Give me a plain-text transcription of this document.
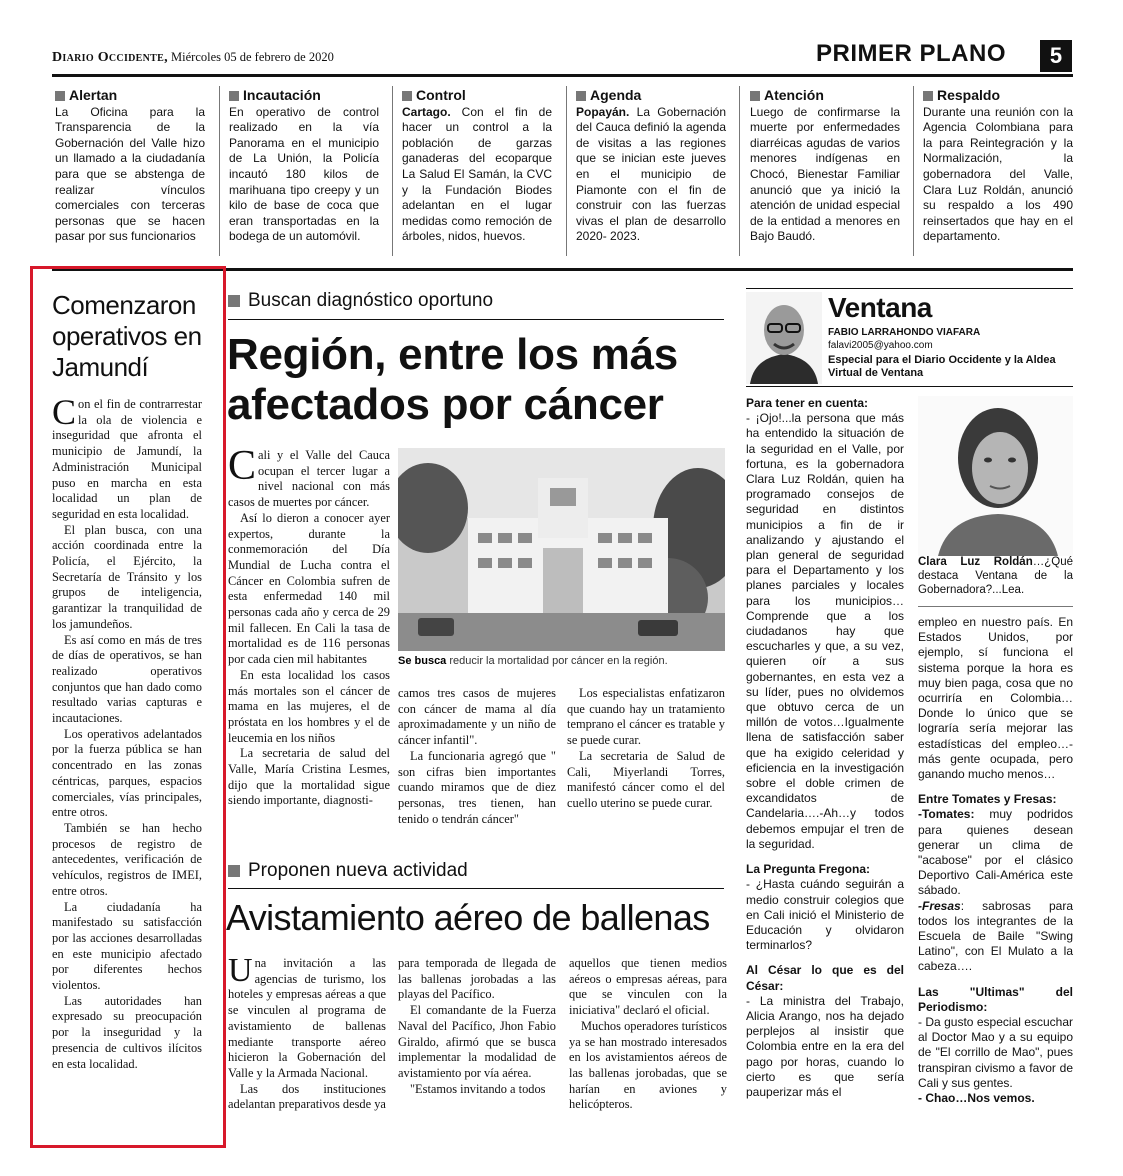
Diario Occidente, Miércoles 05 de febrero de 2020	PRIMER PLANO	5
Alertan
La Oficina para la Transparencia de la Gobernación del Valle hizo un llamado a la ciudadanía para que se abstenga de realizar vínculos comerciales con terceras personas que se hacen pasar por sus funcionarios
Incautación
En operativo de control realizado en la vía Panorama en el municipio de La Unión, la Policía incautó 180 kilos de marihuana tipo creepy y un kilo de base de coca que eran transportadas en la bodega de un automóvil.
Control
Cartago. Con el fin de hacer un control a la población de garzas ganaderas del ecoparque La Salud El Samán, la CVC y la Fundación Biodes adelantan en el lugar medidas como remoción de árboles, nidos, huevos.
Agenda
Popayán. La Gobernación del Cauca definió la agenda de visitas a las regiones que se inician este jueves en el municipio de Piamonte con el fin de construir con las fuerzas vivas el plan de desarrollo 2020- 2023.
Atención
Luego de confirmarse la muerte por enfermedades diarréicas agudas de varios menores indígenas en Chocó, Bienestar Familiar anunció que ya inició la atención de unidad especial de la entidad a menores en Bajo Baudó.
Respaldo
Durante una reunión con la Agencia Colombiana para la para Reintegración y la Normalización, la gobernadora del Valle, Clara Luz Roldán, anunció su respaldo a los 490 reinsertados que hay en el departamento.
Comenzaron operativos en Jamundí

Con el fin de contrarrestar la ola de violencia e inseguridad que afronta el municipio de Jamundí, la Administración Municipal puso en marcha en esta localidad un plan de seguridad en esta localidad.

El plan busca, con una acción coordinada entre la Policía, el Ejército, la Secretaría de Tránsito y los grupos de inteligencia, garantizar la tranquilidad de los jamundeños.

Es así como en más de tres de días de operativos, se han realizado operativos conjuntos que han dado como resultado varias capturas e incautaciones.

Los operativos adelantados por la fuerza pública se han concentrado en las zonas céntricas, parques, espacios comerciales, vías principales, entre otros.

También se han hecho procesos de registro de antecedentes, verificación de vehículos, registros de IMEI, entre otros.

La ciudadanía ha manifestado su satisfacción por las acciones desarrolladas en este municipio afectado por diferentes hechos violentos.

Las autoridades han expresado su preocupación por la inseguridad y la presencia de cultivos ilícitos en esta localidad.

Buscan diagnóstico oportuno
Región, entre los más afectados por cáncer

Cali y el Valle del Cauca ocupan el tercer lugar a nivel nacional con más casos de muertes por cáncer.

Así lo dieron a conocer ayer expertos, durante la conmemoración del Día Mundial de Lucha contra el Cáncer en Colombia sufren de esta enfermedad 140 mil personas cada año y cerca de 29 mil fallecen. En Cali la tasa de mortalidad es de 116 personas por cada cien mil habitantes

En esta localidad los casos más mortales son el cáncer de mama en las mujeres, el de próstata en los hombres y el de leucemia en los niños

La secretaria de salud del Valle, María Cristina Lesmes, dijo que la mortalidad sigue siendo importante, diagnosti-

Se busca reducir la mortalidad por cáncer en la región.

camos tres casos de mujeres con cáncer de mama al día aproximadamente y un niño de cáncer infantil".

La funcionaria agregó que " son cifras bien importantes cuando miramos que de diez personas, tres tienen, han tenido o tendrán cáncer"

Los especialistas enfatizaron que cuando hay un tratamiento temprano el cáncer es tratable y se puede curar.

La secretaria de Salud de Cali, Miyerlandi Torres, manifestó cáncer como el del cuello uterino se puede curar.

Proponen nueva actividad
Avistamiento aéreo de ballenas

Una invitación a las agencias de turismo, los hoteles y empresas aéreas a que se vinculen al programa de avistamiento de ballenas mediante transporte aéreo hicieron la Gobernación del Valle y la Armada Nacional.

Las dos instituciones adelantan preparativos desde ya

para temporada de llegada de las ballenas jorobadas a las playas del Pacífico.

El comandante de la Fuerza Naval del Pacífico, Jhon Fabio Giraldo, afirmó que se busca implementar la modalidad de avistamiento por vía aérea.

"Estamos invitando a todos

aquellos que tienen medios aéreos o empresas aéreas, para que se vinculen con la iniciativa" declaró el oficial.

Muchos operadores turísticos ya se han mostrado interesados en los avistamientos aéreos de las ballenas jorobadas, que se harían en aviones y helicópteros.

Ventana
FABIO LARRAHONDO VIAFARA
falavi2005@yahoo.com
Especial para el Diario Occidente y la Aldea Virtual de Ventana

Para tener en cuenta:

- ¡Ojo!...la persona que más ha entendido la situación de la seguridad en el Valle, por fortuna, es la gobernadora Clara Luz Roldán, quien ha programado consejos de seguridad en distintos municipios a fin de ir analizando y ajustando el plan general de seguridad para el Departamento y los planes parciales y locales para los municipios…Comprende que a los ciudadanos hay que escucharles y que, a su vez, quieren oír a sus gobernantes, en esta vez a su líder, pues no olvidemos que obtuvo cerca de un millón de votos…Igualmente llena de satisfacción saber que ha exigido celeridad y eficiencia en la investigación sobre el doble crimen de excandidatos de Candelaria….-Ah…y todos debemos empujar el tren de la seguridad.

La Pregunta Fregona:

- ¿Hasta cuándo seguirán a medio construir colegios que en Cali inició el Ministerio de Educación y olvidaron terminarlos?

Al César lo que es del César:

- La ministra del Trabajo, Alicia Arango, nos ha dejado perplejos al insistir que Colombia entre en la era del pago por horas, cuando lo cierto es que sería pauperizar más el

Clara Luz Roldán…¿Qué destaca Ventana de la Gobernadora?...Lea.

empleo en nuestro país. En Estados Unidos, por ejemplo, sí funciona el sistema porque la hora es muy bien paga, cosa que no ocurriría en Colombia…Donde lo único que se lograría sería mejorar las estadísticas del empleo…-más gente ocupada, pero ganando mucho menos…

Entre Tomates y Fresas:

-Tomates: muy podridos para quienes desean generar un clima de "acabose" por el clásico Deportivo Cali-América este sábado.

-Fresas: sabrosas para todos los integrantes de la Escuela de Baile "Swing Latino", con El Mulato a la cabeza….

Las "Ultimas" del Periodismo:

- Da gusto especial escuchar al Doctor Mao y a su equipo de "El corrillo de Mao", pues transpiran civismo a favor de Cali y sus gentes.

- Chao…Nos vemos.
